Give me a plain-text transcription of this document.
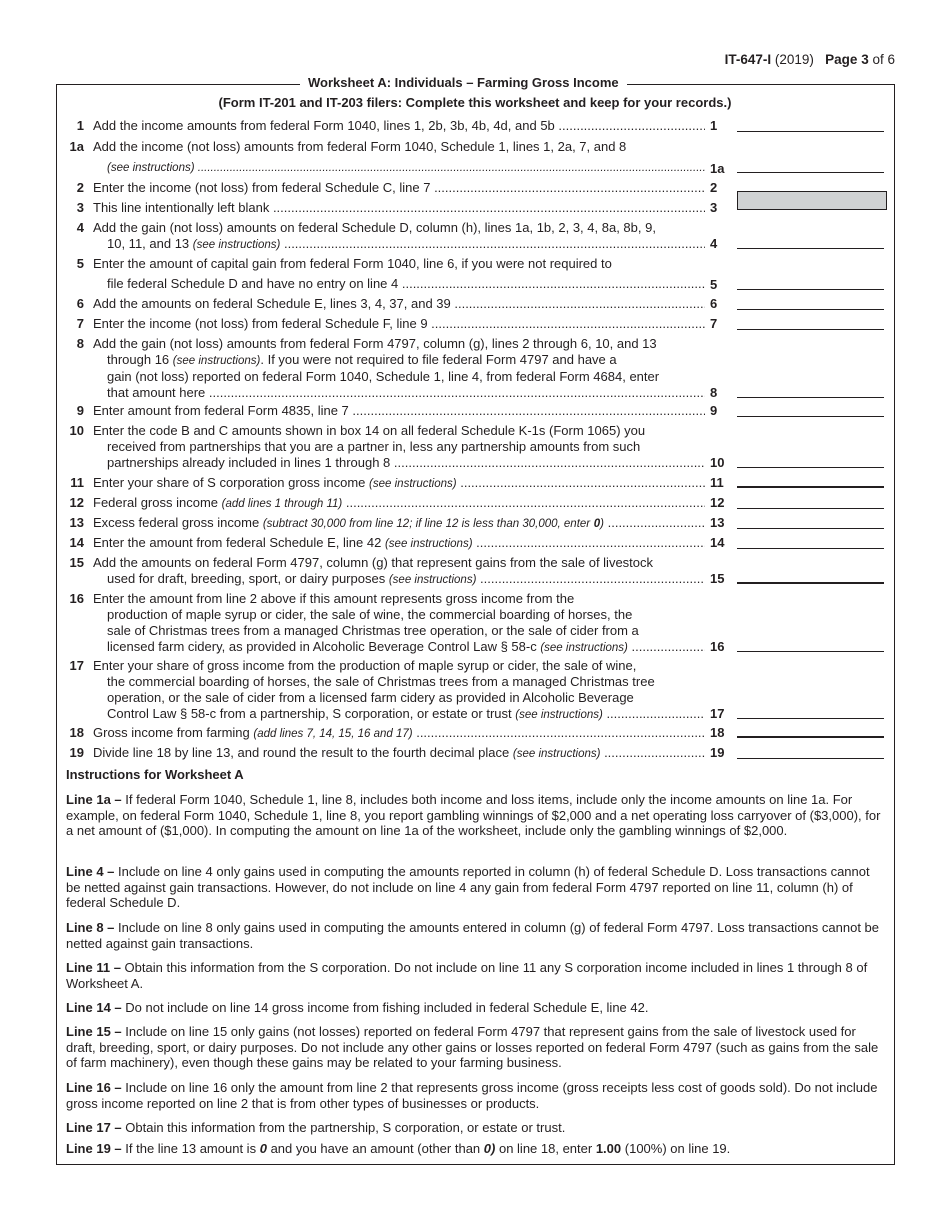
IT-647-I (2019) Page 3 of 6
Worksheet A: Individuals – Farming Gross Income
(Form IT-201 and IT-203 filers: Complete this worksheet and keep for your records.)
1 Add the income amounts from federal Form 1040, lines 1, 2b, 3b, 4b, 4d, and 5b .....	1
1a Add the income (not loss) amounts from federal Form 1040, Schedule 1, lines 1, 2a, 7, and 8
(see instructions) .....	1a
2 Enter the income (not loss) from federal Schedule C, line 7 .....	2
3 This line intentionally left blank .....	3
4 Add the gain (not loss) amounts on federal Schedule D, column (h), lines 1a, 1b, 2, 3, 4, 8a, 8b, 9,
10, 11, and 13 (see instructions) .....	4
5 Enter the amount of capital gain from federal Form 1040, line 6, if you were not required to
file federal Schedule D and have no entry on line 4 .....	5
6 Add the amounts on federal Schedule E, lines 3, 4, 37, and 39 .....	6
7 Enter the income (not loss) from federal Schedule F, line 9 .....	7
8 Add the gain (not loss) amounts from federal Form 4797, column (g), lines 2 through 6, 10, and 13
through 16 (see instructions). If you were not required to file federal Form 4797 and have a
gain (not loss) reported on federal Form 1040, Schedule 1, line 4, from federal Form 4684, enter
that amount here .....	8
9 Enter amount from federal Form 4835, line 7 .....	9
10 Enter the code B and C amounts shown in box 14 on all federal Schedule K-1s (Form 1065) you
received from partnerships that you are a partner in, less any partnership amounts from such
partnerships already included in lines 1 through 8 .....	10
11 Enter your share of S corporation gross income (see instructions) .....	11
12 Federal gross income (add lines 1 through 11) .....	12
13 Excess federal gross income (subtract 30,000 from line 12; if line 12 is less than 30,000, enter 0) .....	13
14 Enter the amount from federal Schedule E, line 42 (see instructions) .....	14
15 Add the amounts on federal Form 4797, column (g) that represent gains from the sale of livestock
used for draft, breeding, sport, or dairy purposes (see instructions) .....	15
16 Enter the amount from line 2 above if this amount represents gross income from the
production of maple syrup or cider, the sale of wine, the commercial boarding of horses, the
sale of Christmas trees from a managed Christmas tree operation, or the sale of cider from a
licensed farm cidery, as provided in Alcoholic Beverage Control Law § 58-c (see instructions) .....	16
17 Enter your share of gross income from the production of maple syrup or cider, the sale of wine,
the commercial boarding of horses, the sale of Christmas trees from a managed Christmas tree
operation, or the sale of cider from a licensed farm cidery as provided in Alcoholic Beverage
Control Law § 58-c from a partnership, S corporation, or estate or trust (see instructions) .....	17
18 Gross income from farming (add lines 7, 14, 15, 16 and 17) .....	18
19 Divide line 18 by line 13, and round the result to the fourth decimal place (see instructions) .....	19
Instructions for Worksheet A
Line 1a – If federal Form 1040, Schedule 1, line 8, includes both income and loss items, include only the income amounts on line 1a. For example, on federal Form 1040, Schedule 1, line 8, you report gambling winnings of $2,000 and a net operating loss carryover of ($3,000), for a net amount of ($1,000). In computing the amount on line 1a of the worksheet, include only the gambling winnings of $2,000.
Line 4 – Include on line 4 only gains used in computing the amounts reported in column (h) of federal Schedule D. Loss transactions cannot be netted against gain transactions. However, do not include on line 4 any gain from federal Form 4797 reported on line 11, column (h) of federal Schedule D.
Line 8 – Include on line 8 only gains used in computing the amounts entered in column (g) of federal Form 4797. Loss transactions cannot be netted against gain transactions.
Line 11 – Obtain this information from the S corporation. Do not include on line 11 any S corporation income included in lines 1 through 8 of Worksheet A.
Line 14 – Do not include on line 14 gross income from fishing included in federal Schedule E, line 42.
Line 15 – Include on line 15 only gains (not losses) reported on federal Form 4797 that represent gains from the sale of livestock used for draft, breeding, sport, or dairy purposes. Do not include any other gains or losses reported on federal Form 4797 (such as gains from the sale of farm machinery), even though these gains may be related to your farming business.
Line 16 – Include on line 16 only the amount from line 2 that represents gross income (gross receipts less cost of goods sold). Do not include gross income reported on line 2 that is from other types of businesses or products.
Line 17 – Obtain this information from the partnership, S corporation, or estate or trust.
Line 19 – If the line 13 amount is 0 and you have an amount (other than 0) on line 18, enter 1.00 (100%) on line 19.
